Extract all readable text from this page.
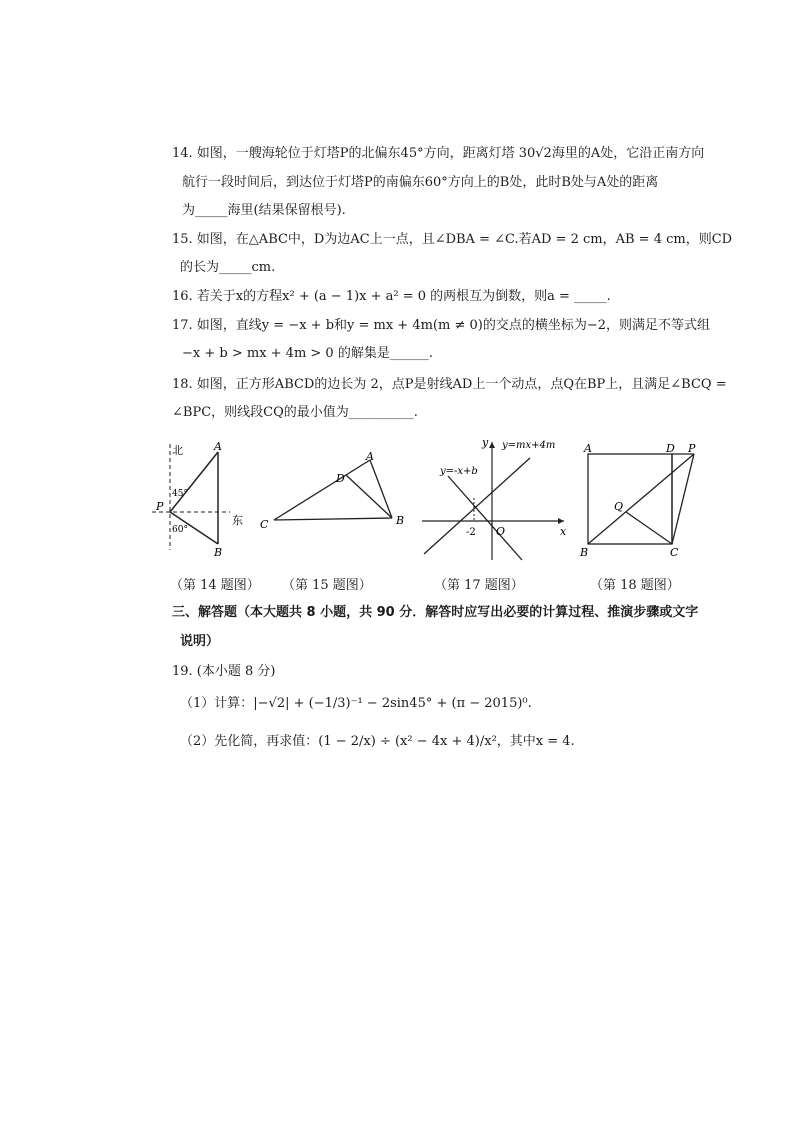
14. 如图，一艘海轮位于灯塔P的北偏东45°方向，距离灯塔 30√2海里的A处，它沿正南方向
航行一段时间后，到达位于灯塔P的南偏东60°方向上的B处，此时B处与A处的距离
为_____海里(结果保留根号).
15. 如图，在△ABC中，D为边AC上一点，且∠DBA = ∠C.若AD = 2 cm，AB = 4 cm，则CD
的长为_____cm.
16. 若关于x的方程x² + (a − 1)x + a² = 0 的两根互为倒数，则a = _____.
17. 如图，直线y = −x + b和y = mx + 4m(m ≠ 0)的交点的横坐标为−2，则满足不等式组
−x + b > mx + 4m > 0 的解集是______.
18. 如图，正方形ABCD的边长为 2，点P是射线AD上一个动点，点Q在BP上，且满足∠BCQ =
∠BPC，则线段CQ的最小值为__________.
北
东
P
A
B
45°
60°
（第 14 题图）
C
A
B
D
（第 15 题图）
y
x
O
-2
y=-x+b
y=mx+4m
（第 17 题图）
A	D P
B	C
Q
（第 18 题图）
三、解答题（本大题共 8 小题，共 90 分．解答时应写出必要的计算过程、推演步骤或文字
说明）
19. (本小题 8 分)
（1）计算：|−√2| + (−1/3)⁻¹ − 2sin45° + (π − 2015)⁰.
（2）先化简，再求值：(1 − 2/x) ÷ (x² − 4x + 4)/x²，其中x = 4.
